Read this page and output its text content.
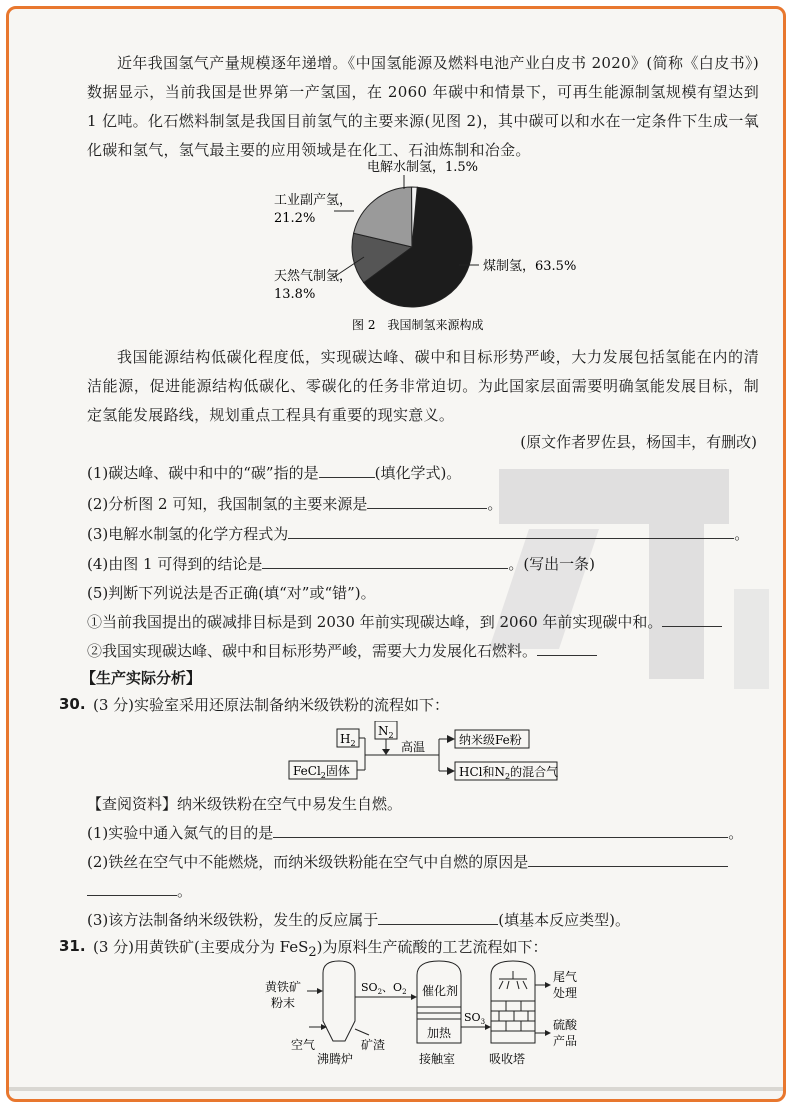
近年我国氢气产量规模逐年递增。《中国氢能源及燃料电池产业白皮书 2020》(简称《白皮书》)数据显示，当前我国是世界第一产氢国，在 2060 年碳中和情景下，可再生能源制氢规模有望达到 1 亿吨。化石燃料制氢是我国目前氢气的主要来源(见图 2)，其中碳可以和水在一定条件下生成一氧化碳和氢气，氢气最主要的应用领域是在化工、石油炼制和冶金。
电解水制氢，1.5%
工业副产氢，
21.2%
天然气制氢，
13.8%
煤制氢，63.5%
图 2　我国制氢来源构成
我国能源结构低碳化程度低，实现碳达峰、碳中和目标形势严峻，大力发展包括氢能在内的清洁能源，促进能源结构低碳化、零碳化的任务非常迫切。为此国家层面需要明确氢能发展目标，制定氢能发展路线，规划重点工程具有重要的现实意义。
(原文作者罗佐县，杨国丰，有删改)
(1)碳达峰、碳中和中的“碳”指的是	(填化学式)。
(2)分析图 2 可知，我国制氢的主要来源是	。
(3)电解水制氢的化学方程式为	。
(4)由图 1 可得到的结论是	。(写出一条)
(5)判断下列说法是否正确(填“对”或“错”)。
①当前我国提出的碳减排目标是到 2030 年前实现碳达峰，到 2060 年前实现碳中和。
②我国实现碳达峰、碳中和目标形势严峻，需要大力发展化石燃料。
【生产实际分析】
30. (3 分)实验室采用还原法制备纳米级铁粉的流程如下：
$H_2$
$N_2$
FeCl$_2$固体
高温	纳米级Fe粉
HCl和$N_2$的混合气
【查阅资料】纳米级铁粉在空气中易发生自燃。
(1)实验中通入氮气的目的是	。
(2)铁丝在空气中不能燃烧，而纳米级铁粉能在空气中自燃的原因是
。
(3)该方法制备纳米级铁粉，发生的反应属于	(填基本反应类型)。
31. (3 分)用黄铁矿(主要成分为 FeS$_2$)为原料生产硫酸的工艺流程如下：
黄铁矿
粉末
空气	矿渣
沸腾炉
$SO_2$、$O_2$ 催化剂
加热
接触室
$SO_3$
吸收塔
尾气
处理
硫酸
产品
